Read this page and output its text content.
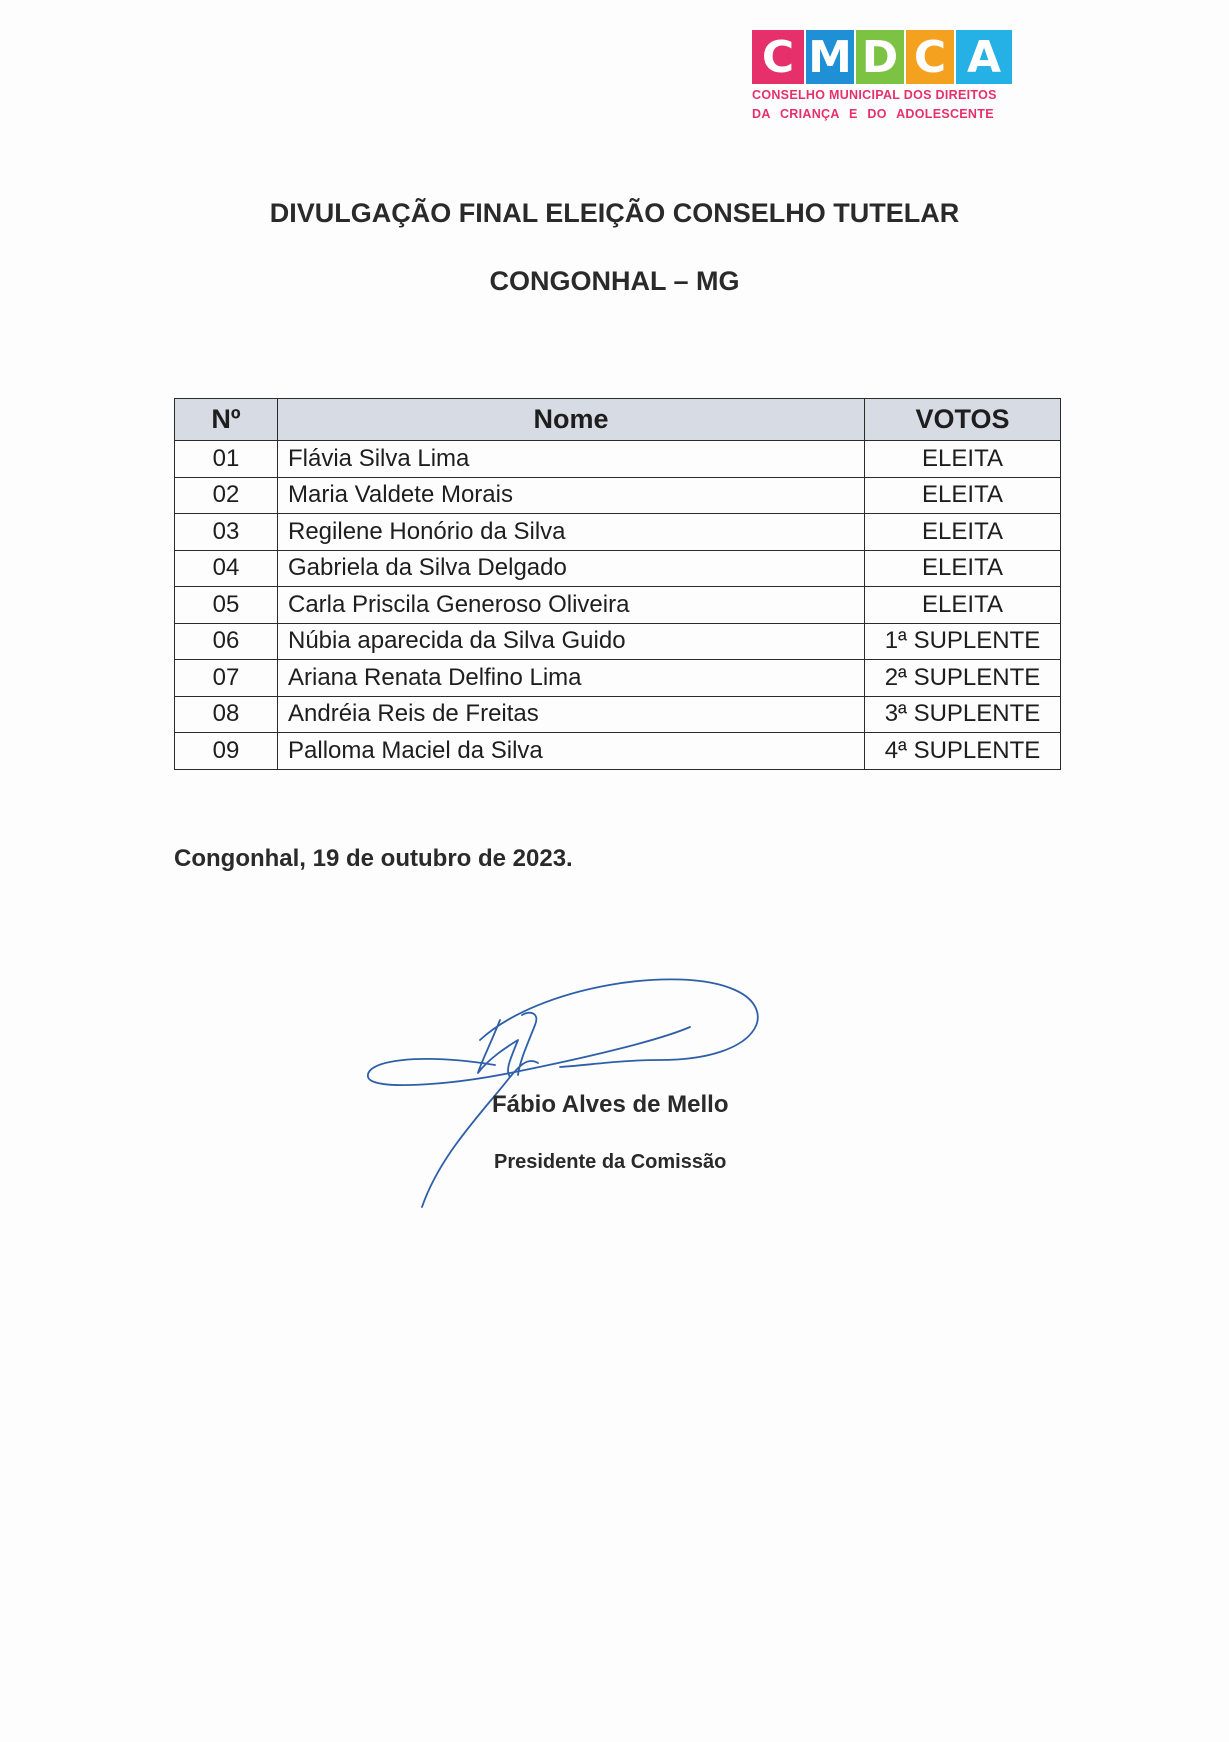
C M D C A
CONSELHO MUNICIPAL DOS DIREITOS
DA CRIANÇA E DO ADOLESCENTE
DIVULGAÇÃO FINAL ELEIÇÃO CONSELHO TUTELAR
CONGONHAL – MG
Nº	Nome	VOTOS
01	Flávia Silva Lima	ELEITA
02	Maria Valdete Morais	ELEITA
03	Regilene Honório da Silva	ELEITA
04	Gabriela da Silva Delgado	ELEITA
05	Carla Priscila Generoso Oliveira	ELEITA
06	Núbia aparecida da Silva Guido	1ª SUPLENTE
07	Ariana Renata Delfino Lima	2ª SUPLENTE
08	Andréia Reis de Freitas	3ª SUPLENTE
09	Palloma Maciel da Silva	4ª SUPLENTE
Congonhal, 19 de outubro de 2023.
Fábio Alves de Mello
Presidente da Comissão
